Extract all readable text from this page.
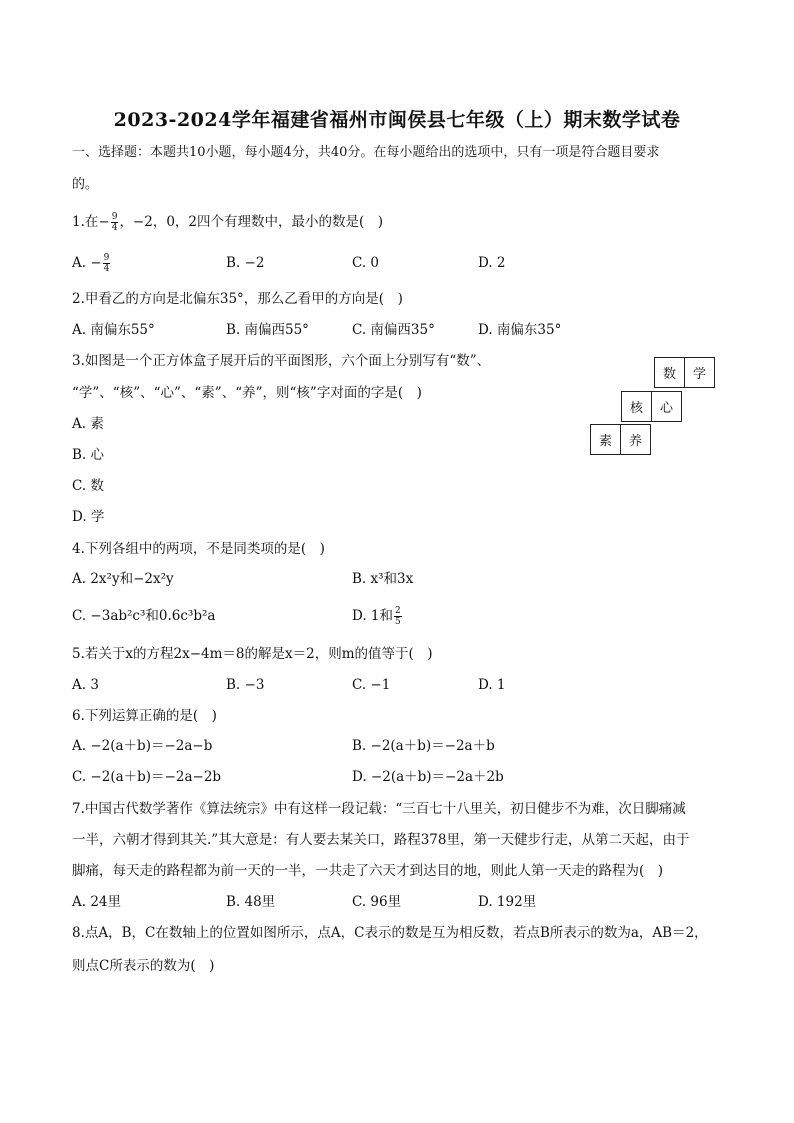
2023-2024学年福建省福州市闽侯县七年级（上）期末数学试卷
一、选择题：本题共10小题，每小题4分，共40分。在每小题给出的选项中，只有一项是符合题目要求
的。
1.在− $\frac{9}{4}$ ，−2，0，2四个有理数中，最小的数是(　)
A. − $\frac{9}{4}$	B. −2	C. 0	D. 2
2.甲看乙的方向是北偏东35°，那么乙看甲的方向是(　)
A. 南偏东55°	B. 南偏西55°	C. 南偏西35°	D. 南偏东35°
3.如图是一个正方体盒子展开后的平面图形，六个面上分别写有“数”、
“学”、“核”、“心”、“素”、“养”，则“核”字对面的字是(　)
A. 素
B. 心
C. 数
D. 学
数	学
核	心
素	养
4.下列各组中的两项，不是同类项的是(　)
A. 2x²y和−2x²y	B. x³和3x
C. −3ab²c³和0.6c³b²a	D. 1和 $\frac{2}{5}$
5.若关于x的方程2x−4m＝8的解是x＝2，则m的值等于(　)
A. 3	B. −3	C. −1	D. 1
6.下列运算正确的是(　)
A. −2(a＋b)＝−2a−b	B. −2(a＋b)＝−2a＋b
C. −2(a＋b)＝−2a−2b	D. −2(a＋b)＝−2a＋2b
7.中国古代数学著作《算法统宗》中有这样一段记载：“三百七十八里关，初日健步不为难，次日脚痛减
一半，六朝才得到其关.”其大意是：有人要去某关口，路程378里，第一天健步行走，从第二天起，由于
脚痛，每天走的路程都为前一天的一半，一共走了六天才到达目的地，则此人第一天走的路程为(　)
A. 24里	B. 48里	C. 96里	D. 192里
8.点A，B，C在数轴上的位置如图所示，点A，C表示的数是互为相反数，若点B所表示的数为a，AB＝2，
则点C所表示的数为(　)
